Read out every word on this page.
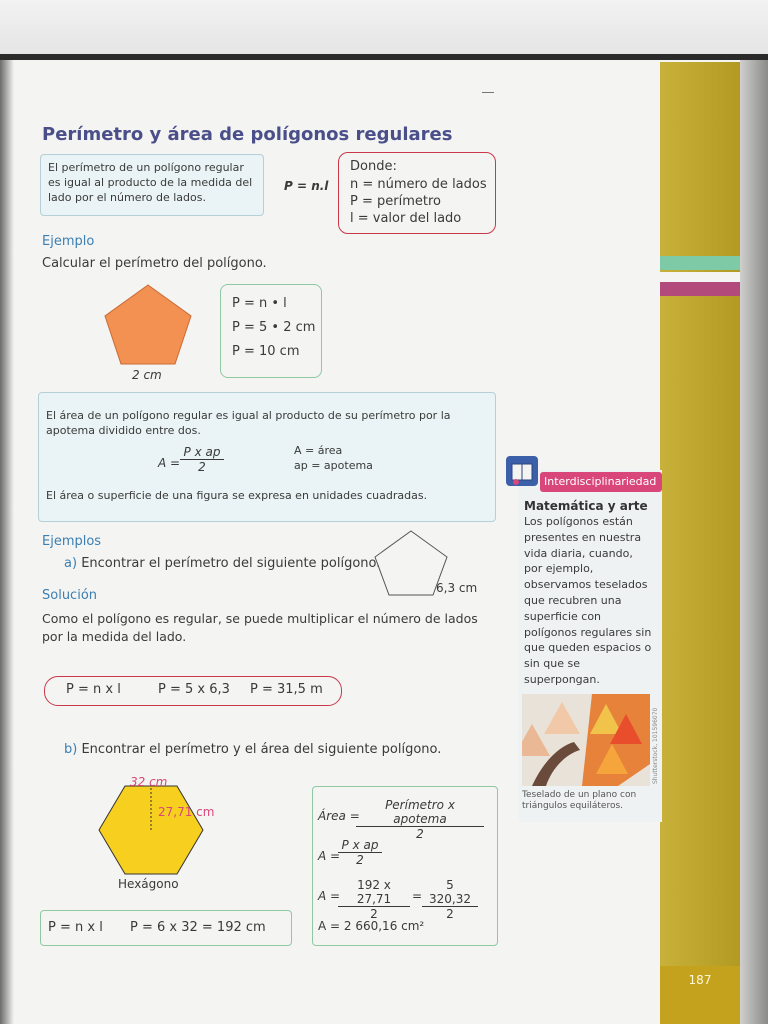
Perímetro y área de polígonos regulares
El perímetro de un polígono regular es igual al producto de la medida del lado por el número de lados.
P = n.l
Donde:
n = número de lados
P = perímetro
l = valor del lado
Ejemplo
Calcular el perímetro del polígono.
2 cm
P = n • l
P = 5 • 2 cm
P = 10 cm
El área de un polígono regular es igual al producto de su perímetro por la apotema dividido entre dos.
$A = \frac{\text{P x ap}}{2}$	A = área
ap = apotema
El área o superficie de una figura se expresa en unidades cuadradas.
Ejemplos
a) Encontrar el perímetro del siguiente polígono.
6,3 cm
Solución
Como el polígono es regular, se puede multiplicar el número de lados por la medida del lado.
P = n x l	P = 5 x 6,3 P = 31,5 m
b) Encontrar el perímetro y el área del siguiente polígono.
32 cm
27,71 cm
Hexágono
P = n x l P = 6 x 32 = 192 cm
Área =
Perímetro x apotema
2
A =
$\frac{\text{P x ap}}{2}$
A =
$\frac{192 x 27,71}{2} = \frac{5 320,32}{2}$
A = 2 660,16 cm²
Interdisciplinariedad
Matemática y arte
Los polígonos están presentes en nuestra vida diaria, cuando, por ejemplo, observamos teselados que recubren una superficie con polígonos regulares sin que queden espacios o sin que se superpongan.
Shutterstock, 101596070
Teselado de un plano con triángulos equiláteros.
187
